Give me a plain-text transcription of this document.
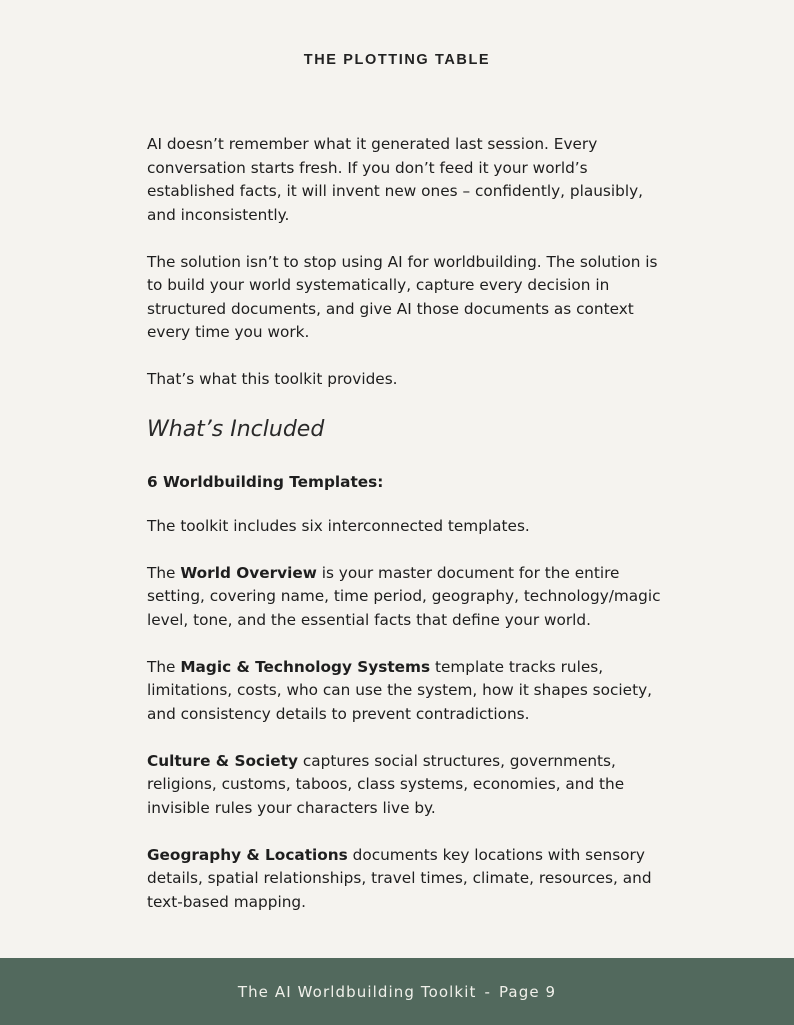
THE PLOTTING TABLE

AI doesn’t remember what it generated last session. Every conversation starts fresh. If you don’t feed it your world’s established facts, it will invent new ones – confidently, plausibly, and inconsistently.

The solution isn’t to stop using AI for worldbuilding. The solution is to build your world systematically, capture every decision in structured documents, and give AI those documents as context every time you work.

That’s what this toolkit provides.

What’s Included

6 Worldbuilding Templates:

The toolkit includes six interconnected templates.

The World Overview is your master document for the entire setting, covering name, time period, geography, technology/magic level, tone, and the essential facts that define your world.

The Magic & Technology Systems template tracks rules, limitations, costs, who can use the system, how it shapes society, and consistency details to prevent contradictions.

Culture & Society captures social structures, governments, religions, customs, taboos, class systems, economies, and the invisible rules your characters live by.

Geography & Locations documents key locations with sensory details, spatial relationships, travel times, climate, resources, and text-based mapping.

The AI Worldbuilding Toolkit - Page 9
